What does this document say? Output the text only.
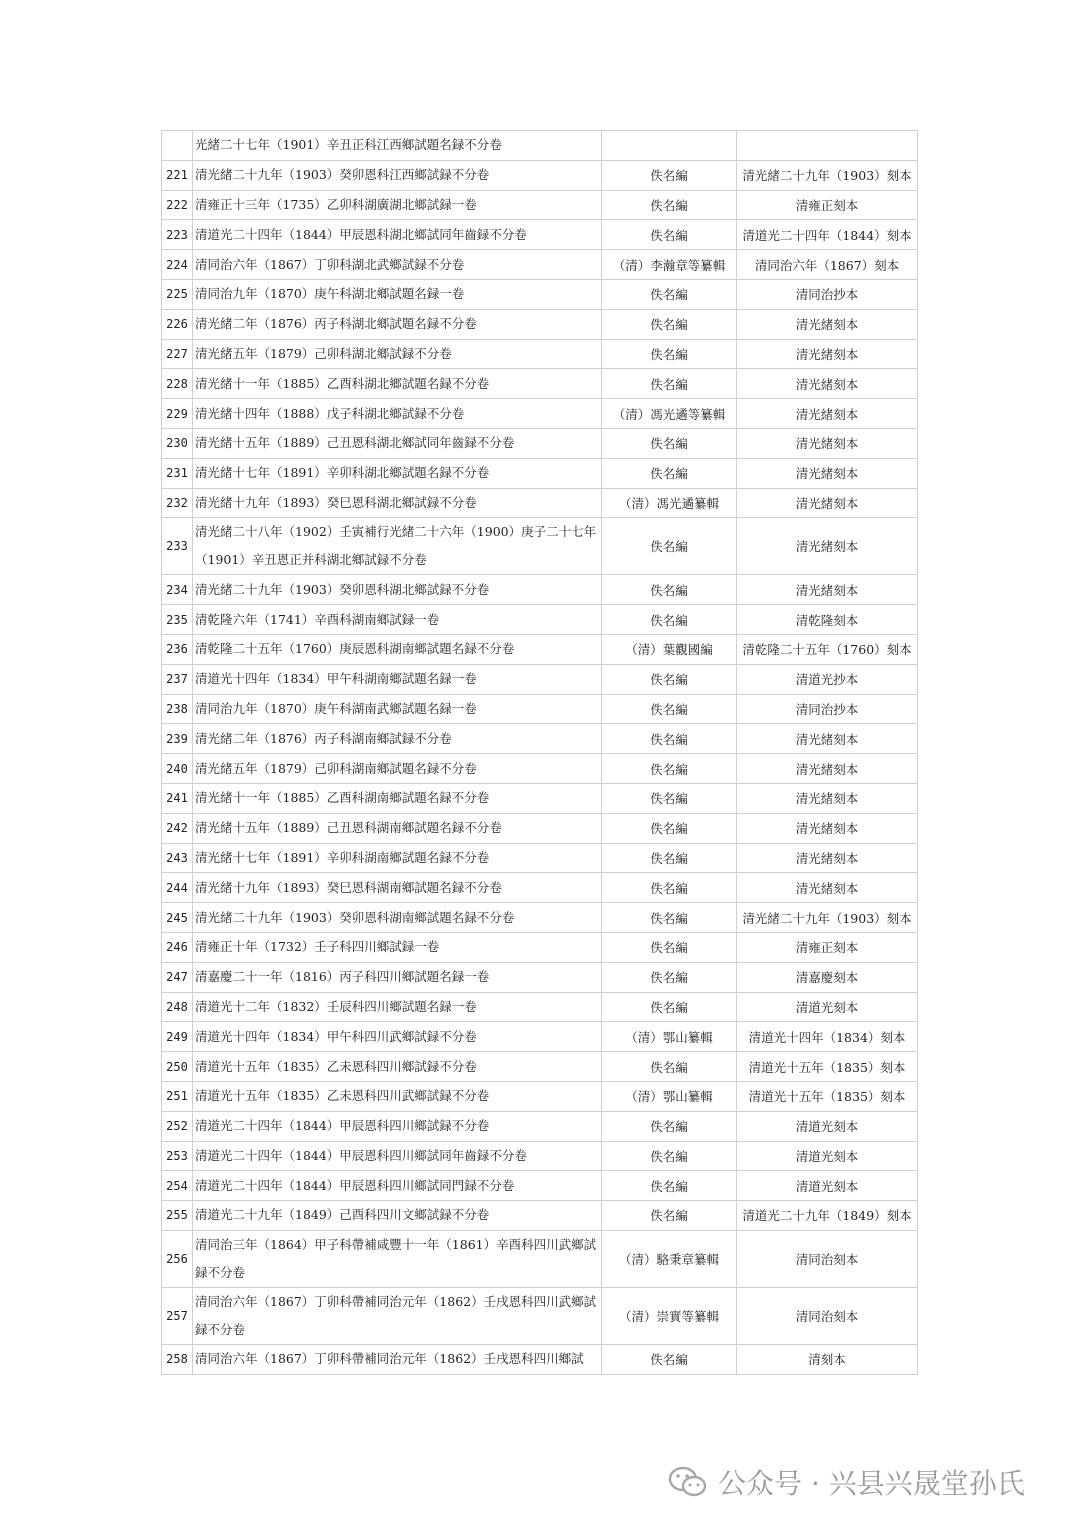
	光緒二十七年（1901）辛丑正科江西鄉試題名録不分卷		
221	清光緒二十九年（1903）癸卯恩科江西鄉試録不分卷	佚名編	清光緒二十九年（1903）刻本
222	清雍正十三年（1735）乙卯科湖廣湖北鄉試録一卷	佚名編	清雍正刻本
223	清道光二十四年（1844）甲辰恩科湖北鄉試同年齒録不分卷	佚名編	清道光二十四年（1844）刻本
224	清同治六年（1867）丁卯科湖北武鄉試録不分卷	（清）李瀚章等纂輯	清同治六年（1867）刻本
225	清同治九年（1870）庚午科湖北鄉試題名録一卷	佚名編	清同治抄本
226	清光緒二年（1876）丙子科湖北鄉試題名録不分卷	佚名編	清光緒刻本
227	清光緒五年（1879）己卯科湖北鄉試録不分卷	佚名編	清光緒刻本
228	清光緒十一年（1885）乙酉科湖北鄉試題名録不分卷	佚名編	清光緒刻本
229	清光緒十四年（1888）戊子科湖北鄉試録不分卷	（清）馮光遹等纂輯	清光緒刻本
230	清光緒十五年（1889）己丑恩科湖北鄉試同年齒録不分卷	佚名編	清光緒刻本
231	清光緒十七年（1891）辛卯科湖北鄉試題名録不分卷	佚名編	清光緒刻本
232	清光緒十九年（1893）癸巳恩科湖北鄉試録不分卷	（清）馮光遹纂輯	清光緒刻本
233	清光緒二十八年（1902）壬寅補行光緒二十六年（1900）庚子二十七年（1901）辛丑恩正并科湖北鄉試録不分卷	佚名編	清光緒刻本
234	清光緒二十九年（1903）癸卯恩科湖北鄉試録不分卷	佚名編	清光緒刻本
235	清乾隆六年（1741）辛酉科湖南鄉試録一卷	佚名編	清乾隆刻本
236	清乾隆二十五年（1760）庚辰恩科湖南鄉試題名録不分卷	（清）葉觀國編	清乾隆二十五年（1760）刻本
237	清道光十四年（1834）甲午科湖南鄉試題名録一卷	佚名編	清道光抄本
238	清同治九年（1870）庚午科湖南武鄉試題名録一卷	佚名編	清同治抄本
239	清光緒二年（1876）丙子科湖南鄉試録不分卷	佚名編	清光緒刻本
240	清光緒五年（1879）己卯科湖南鄉試題名録不分卷	佚名編	清光緒刻本
241	清光緒十一年（1885）乙酉科湖南鄉試題名録不分卷	佚名編	清光緒刻本
242	清光緒十五年（1889）己丑恩科湖南鄉試題名録不分卷	佚名編	清光緒刻本
243	清光緒十七年（1891）辛卯科湖南鄉試題名録不分卷	佚名編	清光緒刻本
244	清光緒十九年（1893）癸巳恩科湖南鄉試題名録不分卷	佚名編	清光緒刻本
245	清光緒二十九年（1903）癸卯恩科湖南鄉試題名録不分卷	佚名編	清光緒二十九年（1903）刻本
246	清雍正十年（1732）壬子科四川鄉試録一卷	佚名編	清雍正刻本
247	清嘉慶二十一年（1816）丙子科四川鄉試題名録一卷	佚名編	清嘉慶刻本
248	清道光十二年（1832）壬辰科四川鄉試題名録一卷	佚名編	清道光刻本
249	清道光十四年（1834）甲午科四川武鄉試録不分卷	（清）鄂山纂輯	清道光十四年（1834）刻本
250	清道光十五年（1835）乙未恩科四川鄉試録不分卷	佚名編	清道光十五年（1835）刻本
251	清道光十五年（1835）乙未恩科四川武鄉試録不分卷	（清）鄂山纂輯	清道光十五年（1835）刻本
252	清道光二十四年（1844）甲辰恩科四川鄉試録不分卷	佚名編	清道光刻本
253	清道光二十四年（1844）甲辰恩科四川鄉試同年齒録不分卷	佚名編	清道光刻本
254	清道光二十四年（1844）甲辰恩科四川鄉試同門録不分卷	佚名編	清道光刻本
255	清道光二十九年（1849）己酉科四川文鄉試録不分卷	佚名編	清道光二十九年（1849）刻本
256	清同治三年（1864）甲子科帶補咸豐十一年（1861）辛酉科四川武鄉試録不分卷	（清）駱秉章纂輯	清同治刻本
257	清同治六年（1867）丁卯科帶補同治元年（1862）壬戌恩科四川武鄉試録不分卷	（清）崇實等纂輯	清同治刻本
258	清同治六年（1867）丁卯科帶補同治元年（1862）壬戌恩科四川鄉試	佚名編	清刻本
公众号 · 兴县兴晟堂孙氏
